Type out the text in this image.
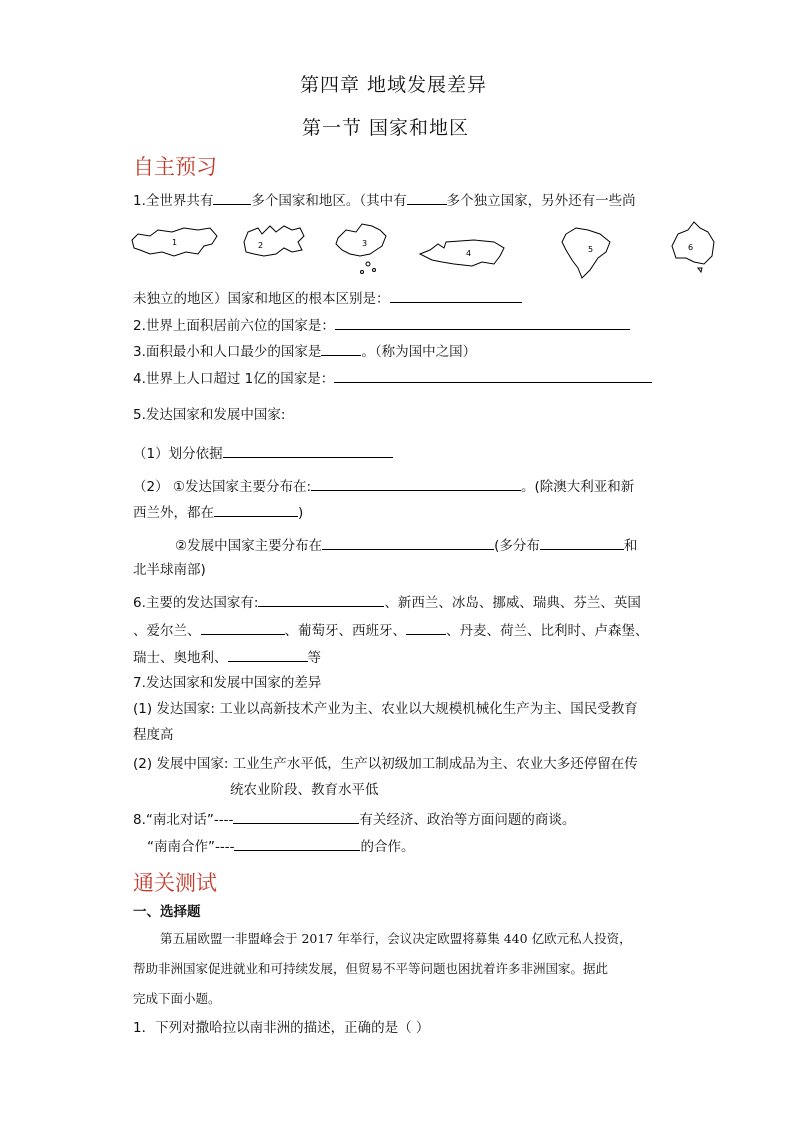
第四章 地域发展差异
第一节 国家和地区
自主预习
1.全世界共有	多个国家和地区。（其中有	多个独立国家，另外还有一些尚
1	2	3
4	5	6
未独立的地区）国家和地区的根本区别是：
2.世界上面积居前六位的国家是：
3.面积最小和人口最少的国家是	。（称为国中之国）
4.世界上人口超过 1亿的国家是：
5.发达国家和发展中国家:
（1）划分依据
（2） ①发达国家主要分布在:	。(除澳大利亚和新
西兰外，都在	)
②发展中国家主要分布在	(多分布	和
北半球南部)
6.主要的发达国家有:	、新西兰、冰岛、挪威、瑞典、芬兰、英国
、爱尔兰、	、葡萄牙、西班牙、	、丹麦、荷兰、比利时、卢森堡、
瑞士、奥地利、	等
7.发达国家和发展中国家的差异
(1) 发达国家: 工业以高新技术产业为主、农业以大规模机械化生产为主、国民受教育
程度高
(2) 发展中国家: 工业生产水平低，生产以初级加工制成品为主、农业大多还停留在传
统农业阶段、教育水平低
8.“南北对话”----	有关经济、政治等方面问题的商谈。
“南南合作”----	的合作。
通关测试
一、选择题
第五届欧盟一非盟峰会于 2017 年举行，会议决定欧盟将募集 440 亿欧元私人投资，
帮助非洲国家促进就业和可持续发展，但贸易不平等问题也困扰着许多非洲国家。据此
完成下面小题。
1．下列对撒哈拉以南非洲的描述，正确的是（ ）
